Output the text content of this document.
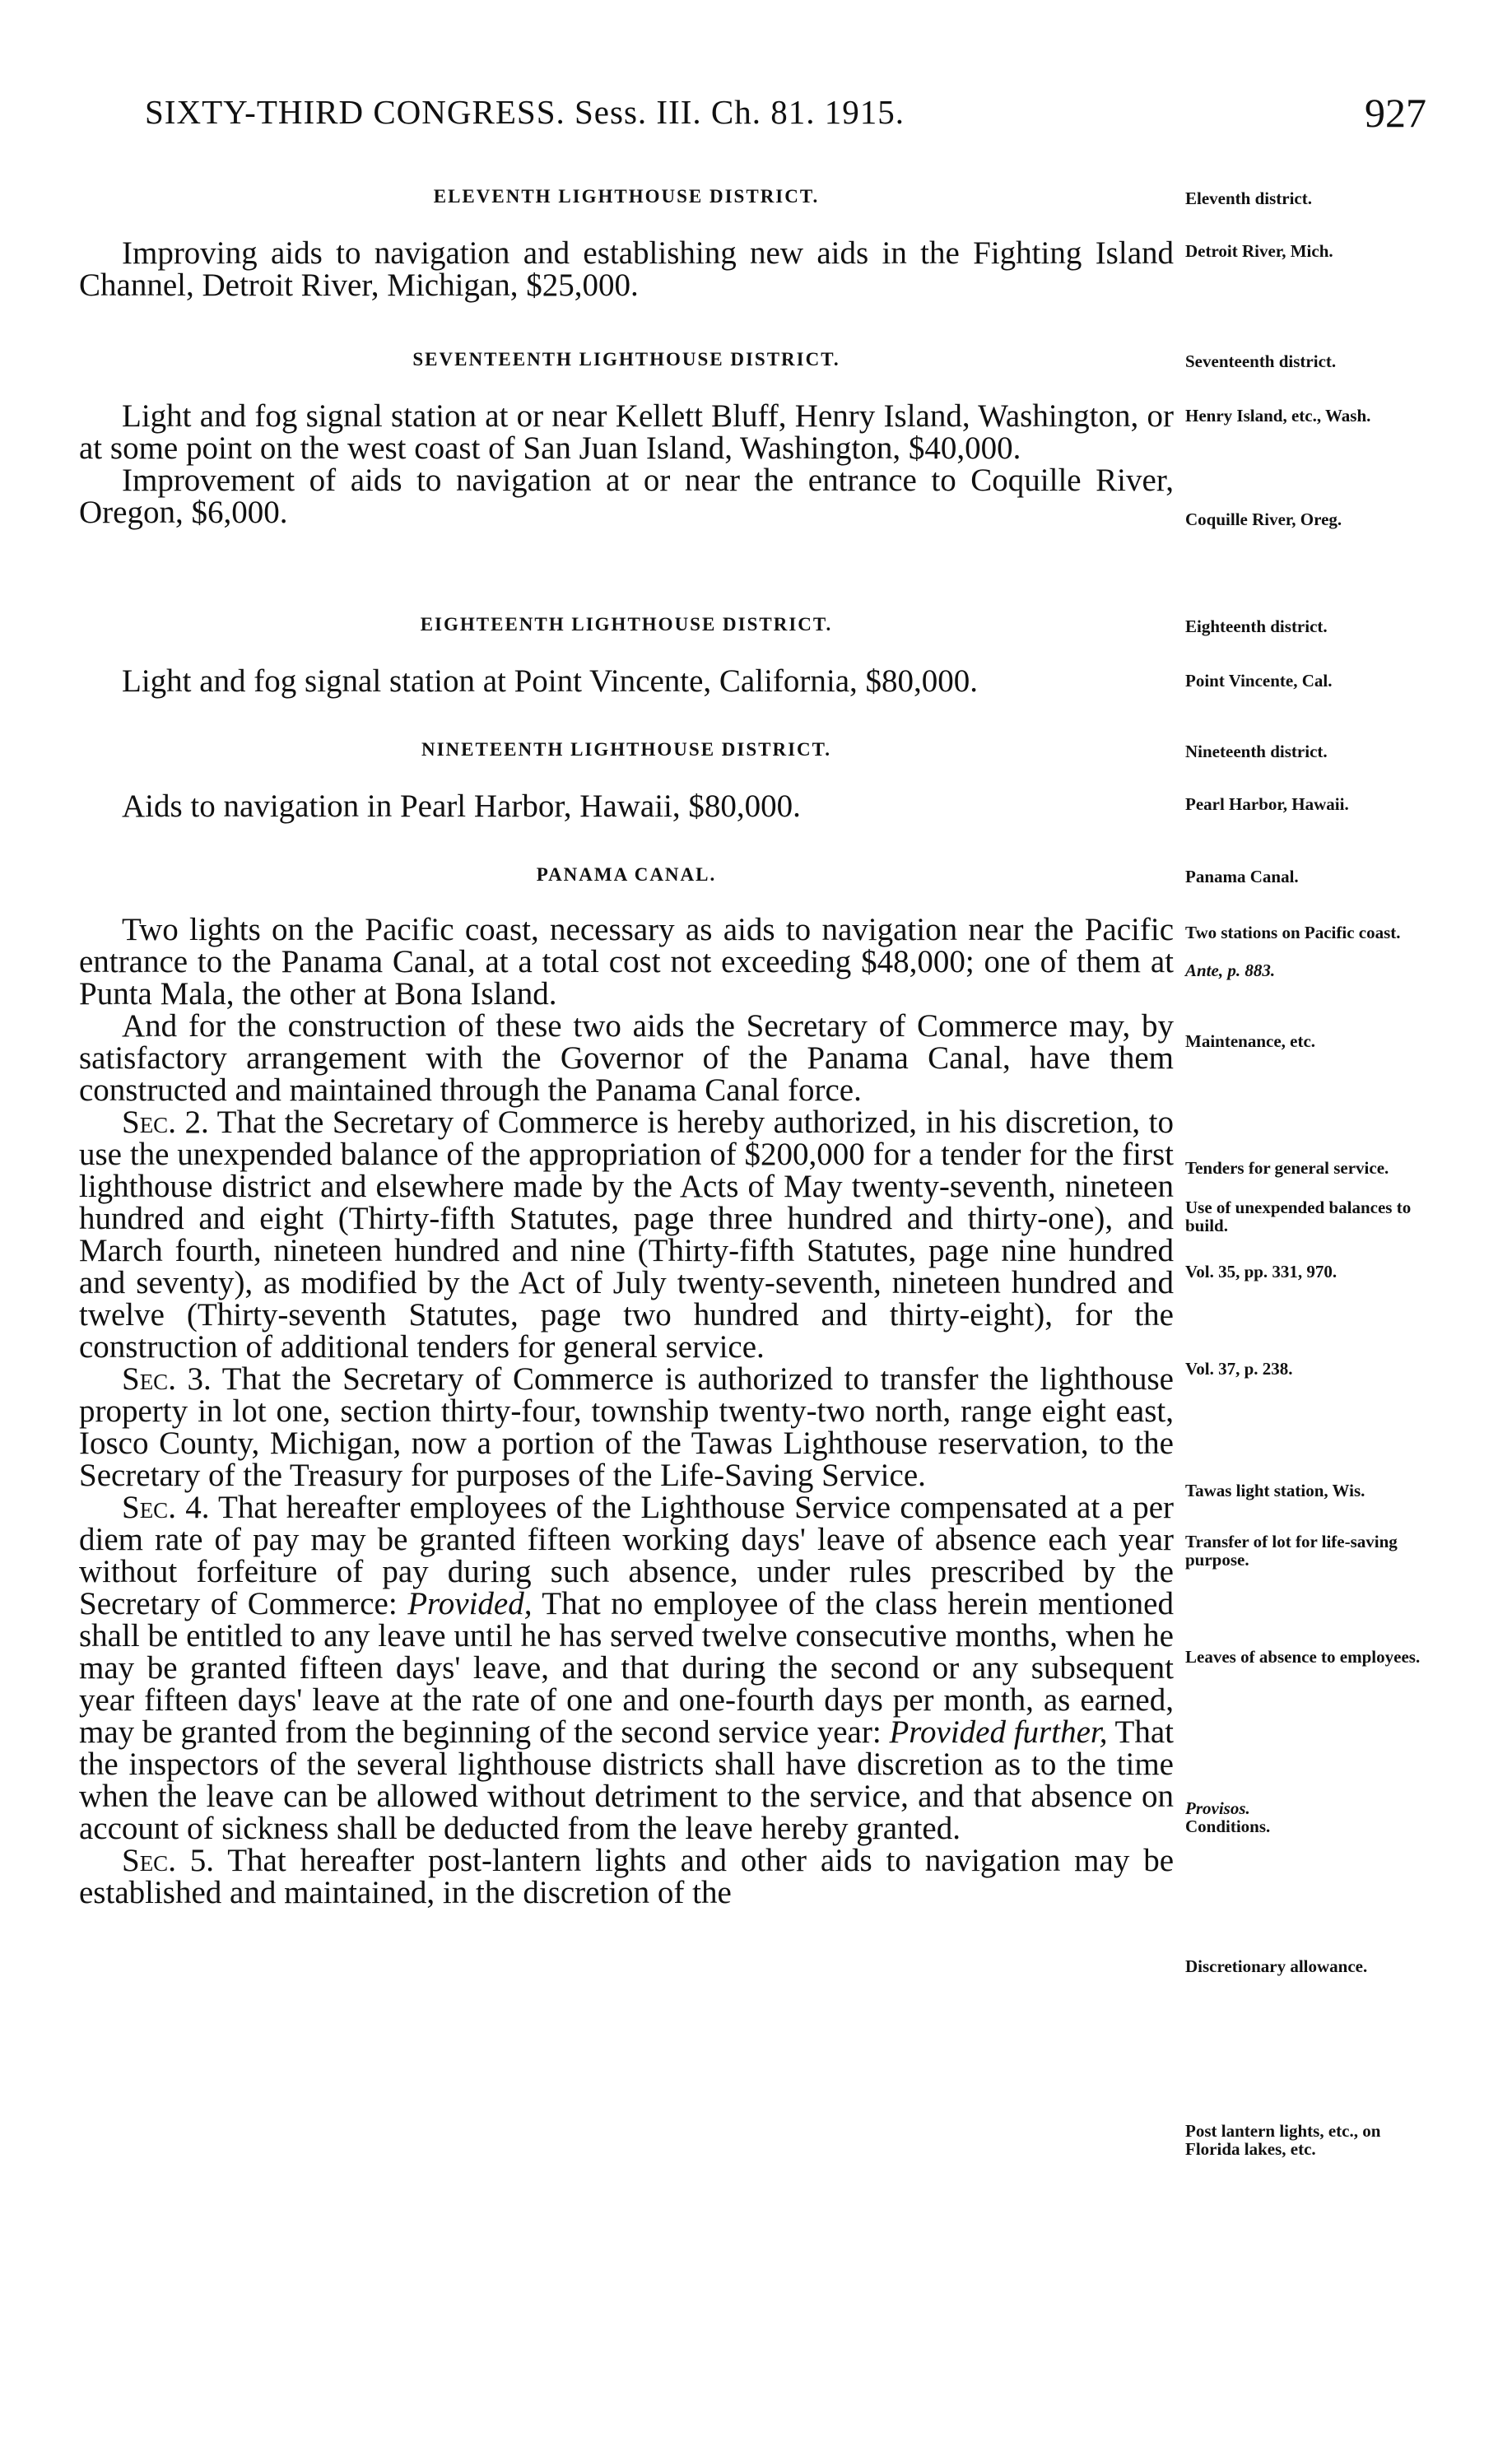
SIXTY-THIRD CONGRESS. Sess. III. Ch. 81. 1915.	927
ELEVENTH LIGHTHOUSE DISTRICT.

Improving aids to navigation and establishing new aids in the Fighting Island Channel, Detroit River, Michigan, $25,000.

SEVENTEENTH LIGHTHOUSE DISTRICT.

Light and fog signal station at or near Kellett Bluff, Henry Island, Washington, or at some point on the west coast of San Juan Island, Washington, $40,000.

Improvement of aids to navigation at or near the entrance to Coquille River, Oregon, $6,000.

EIGHTEENTH LIGHTHOUSE DISTRICT.

Light and fog signal station at Point Vincente, California, $80,000.

NINETEENTH LIGHTHOUSE DISTRICT.

Aids to navigation in Pearl Harbor, Hawaii, $80,000.

PANAMA CANAL.

Two lights on the Pacific coast, necessary as aids to navigation near the Pacific entrance to the Panama Canal, at a total cost not exceeding $48,000; one of them at Punta Mala, the other at Bona Island.

And for the construction of these two aids the Secretary of Commerce may, by satisfactory arrangement with the Governor of the Panama Canal, have them constructed and maintained through the Panama Canal force.

Sec. 2. That the Secretary of Commerce is hereby authorized, in his discretion, to use the unexpended balance of the appropriation of $200,000 for a tender for the first lighthouse district and elsewhere made by the Acts of May twenty-seventh, nineteen hundred and eight (Thirty-fifth Statutes, page three hundred and thirty-one), and March fourth, nineteen hundred and nine (Thirty-fifth Statutes, page nine hundred and seventy), as modified by the Act of July twenty-seventh, nineteen hundred and twelve (Thirty-seventh Statutes, page two hundred and thirty-eight), for the construction of additional tenders for general service.

Sec. 3. That the Secretary of Commerce is authorized to transfer the lighthouse property in lot one, section thirty-four, township twenty-two north, range eight east, Iosco County, Michigan, now a portion of the Tawas Lighthouse reservation, to the Secretary of the Treasury for purposes of the Life-Saving Service.

Sec. 4. That hereafter employees of the Lighthouse Service compensated at a per diem rate of pay may be granted fifteen working days' leave of absence each year without forfeiture of pay during such absence, under rules prescribed by the Secretary of Commerce: Provided, That no employee of the class herein mentioned shall be entitled to any leave until he has served twelve consecutive months, when he may be granted fifteen days' leave, and that during the second or any subsequent year fifteen days' leave at the rate of one and one-fourth days per month, as earned, may be granted from the beginning of the second service year: Provided further, That the inspectors of the several lighthouse districts shall have discretion as to the time when the leave can be allowed without detriment to the service, and that absence on account of sickness shall be deducted from the leave hereby granted.

Sec. 5. That hereafter post-lantern lights and other aids to navigation may be established and maintained, in the discretion of the

Eleventh district.
Detroit River, Mich.
Seventeenth district.
Henry Island, etc., Wash.
Coquille River, Oreg.
Eighteenth district.
Point Vincente, Cal.
Nineteenth district.
Pearl Harbor, Hawaii.
Panama Canal.
Two stations on Pacific coast.
Ante, p. 883.
Maintenance, etc.
Tenders for general service.
Use of unexpended balances to build.
Vol. 35, pp. 331, 970.
Vol. 37, p. 238.
Tawas light station, Wis.
Transfer of lot for life-saving purpose.
Leaves of absence to employees.
Provisos.
Conditions.
Discretionary allowance.
Post lantern lights, etc., on Florida lakes, etc.
